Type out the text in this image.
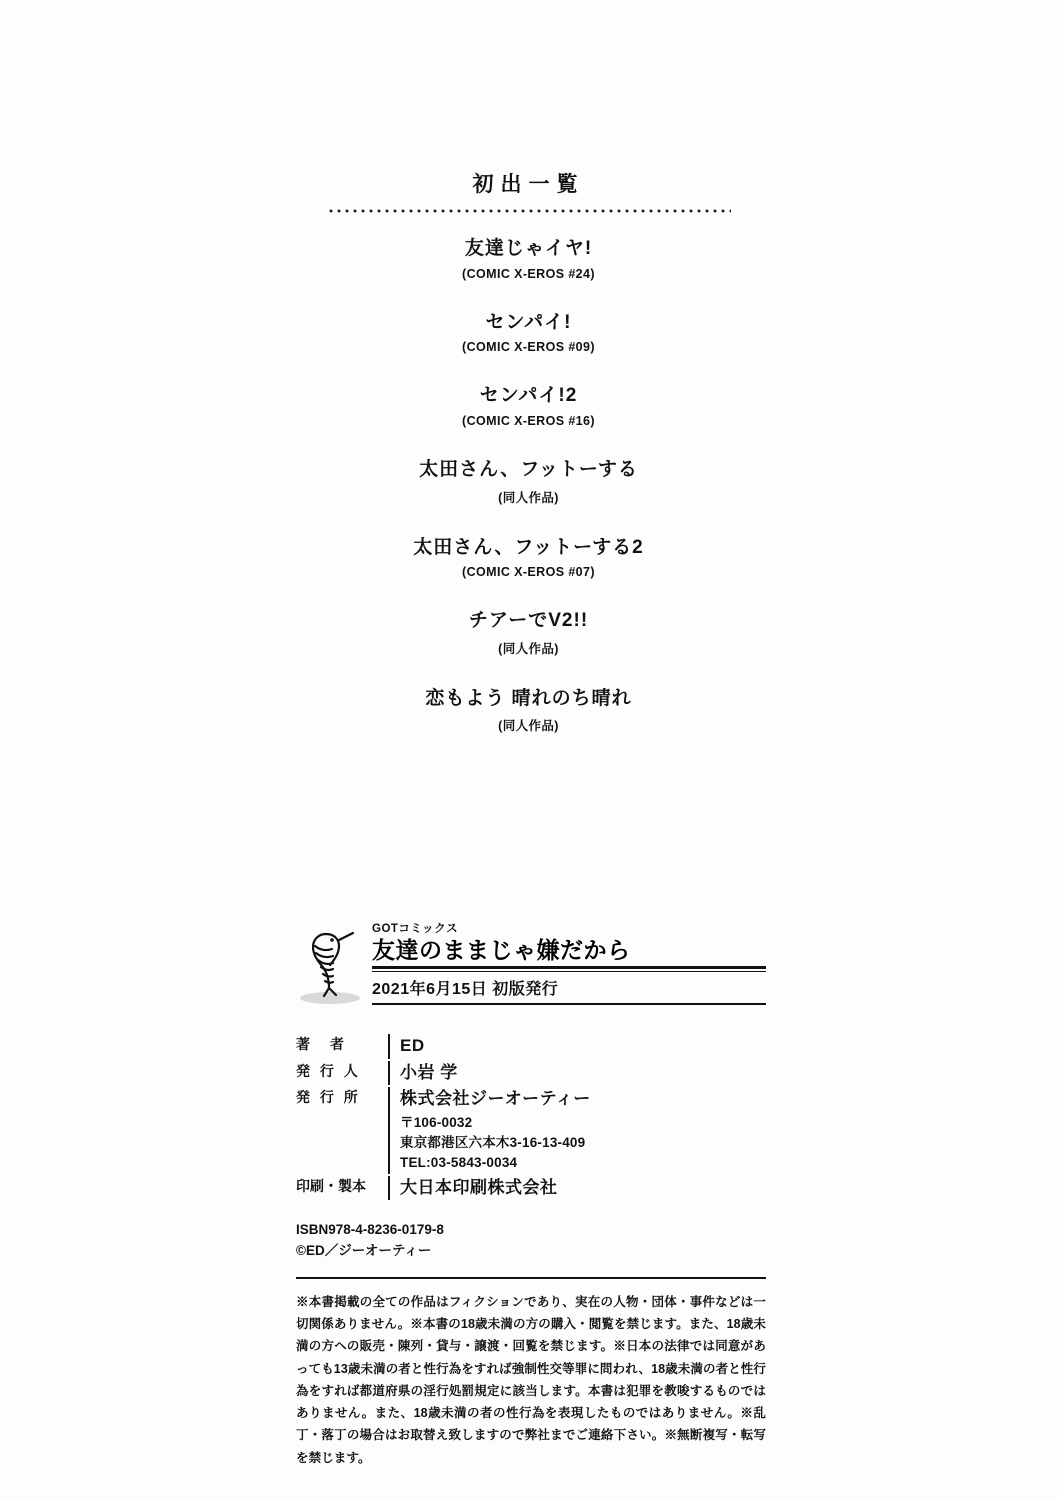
初出一覧

友達じゃイヤ!

(COMIC X-EROS #24)

センパイ!

(COMIC X-EROS #09)

センパイ!2

(COMIC X-EROS #16)

太田さん、フットーする

(同人作品)

太田さん、フットーする2

(COMIC X-EROS #07)

チアーでV2!!

(同人作品)

恋もよう 晴れのち晴れ

(同人作品)

GOTコミックス

友達のままじゃ嫌だから
2021年6月15日 初版発行
著　者	ED
発 行 人	小岩 学
発 行 所	株式会社ジーオーティー
〒106-0032
東京都港区六本木3-16-13-409
TEL:03-5843-0034
印刷・製本	大日本印刷株式会社
ISBN978-4-8236-0179-8
©ED／ジーオーティー

※本書掲載の全ての作品はフィクションであり、実在の人物・団体・事件などは一切関係ありません。※本書の18歳未満の方の購入・閲覧を禁じます。また、18歳未満の方への販売・陳列・貸与・譲渡・回覧を禁じます。※日本の法律では同意があっても13歳未満の者と性行為をすれば強制性交等罪に問われ、18歳未満の者と性行為をすれば都道府県の淫行処罰規定に該当します。本書は犯罪を教唆するものではありません。また、18歳未満の者の性行為を表現したものではありません。※乱丁・落丁の場合はお取替え致しますので弊社までご連絡下さい。※無断複写・転写を禁じます。
